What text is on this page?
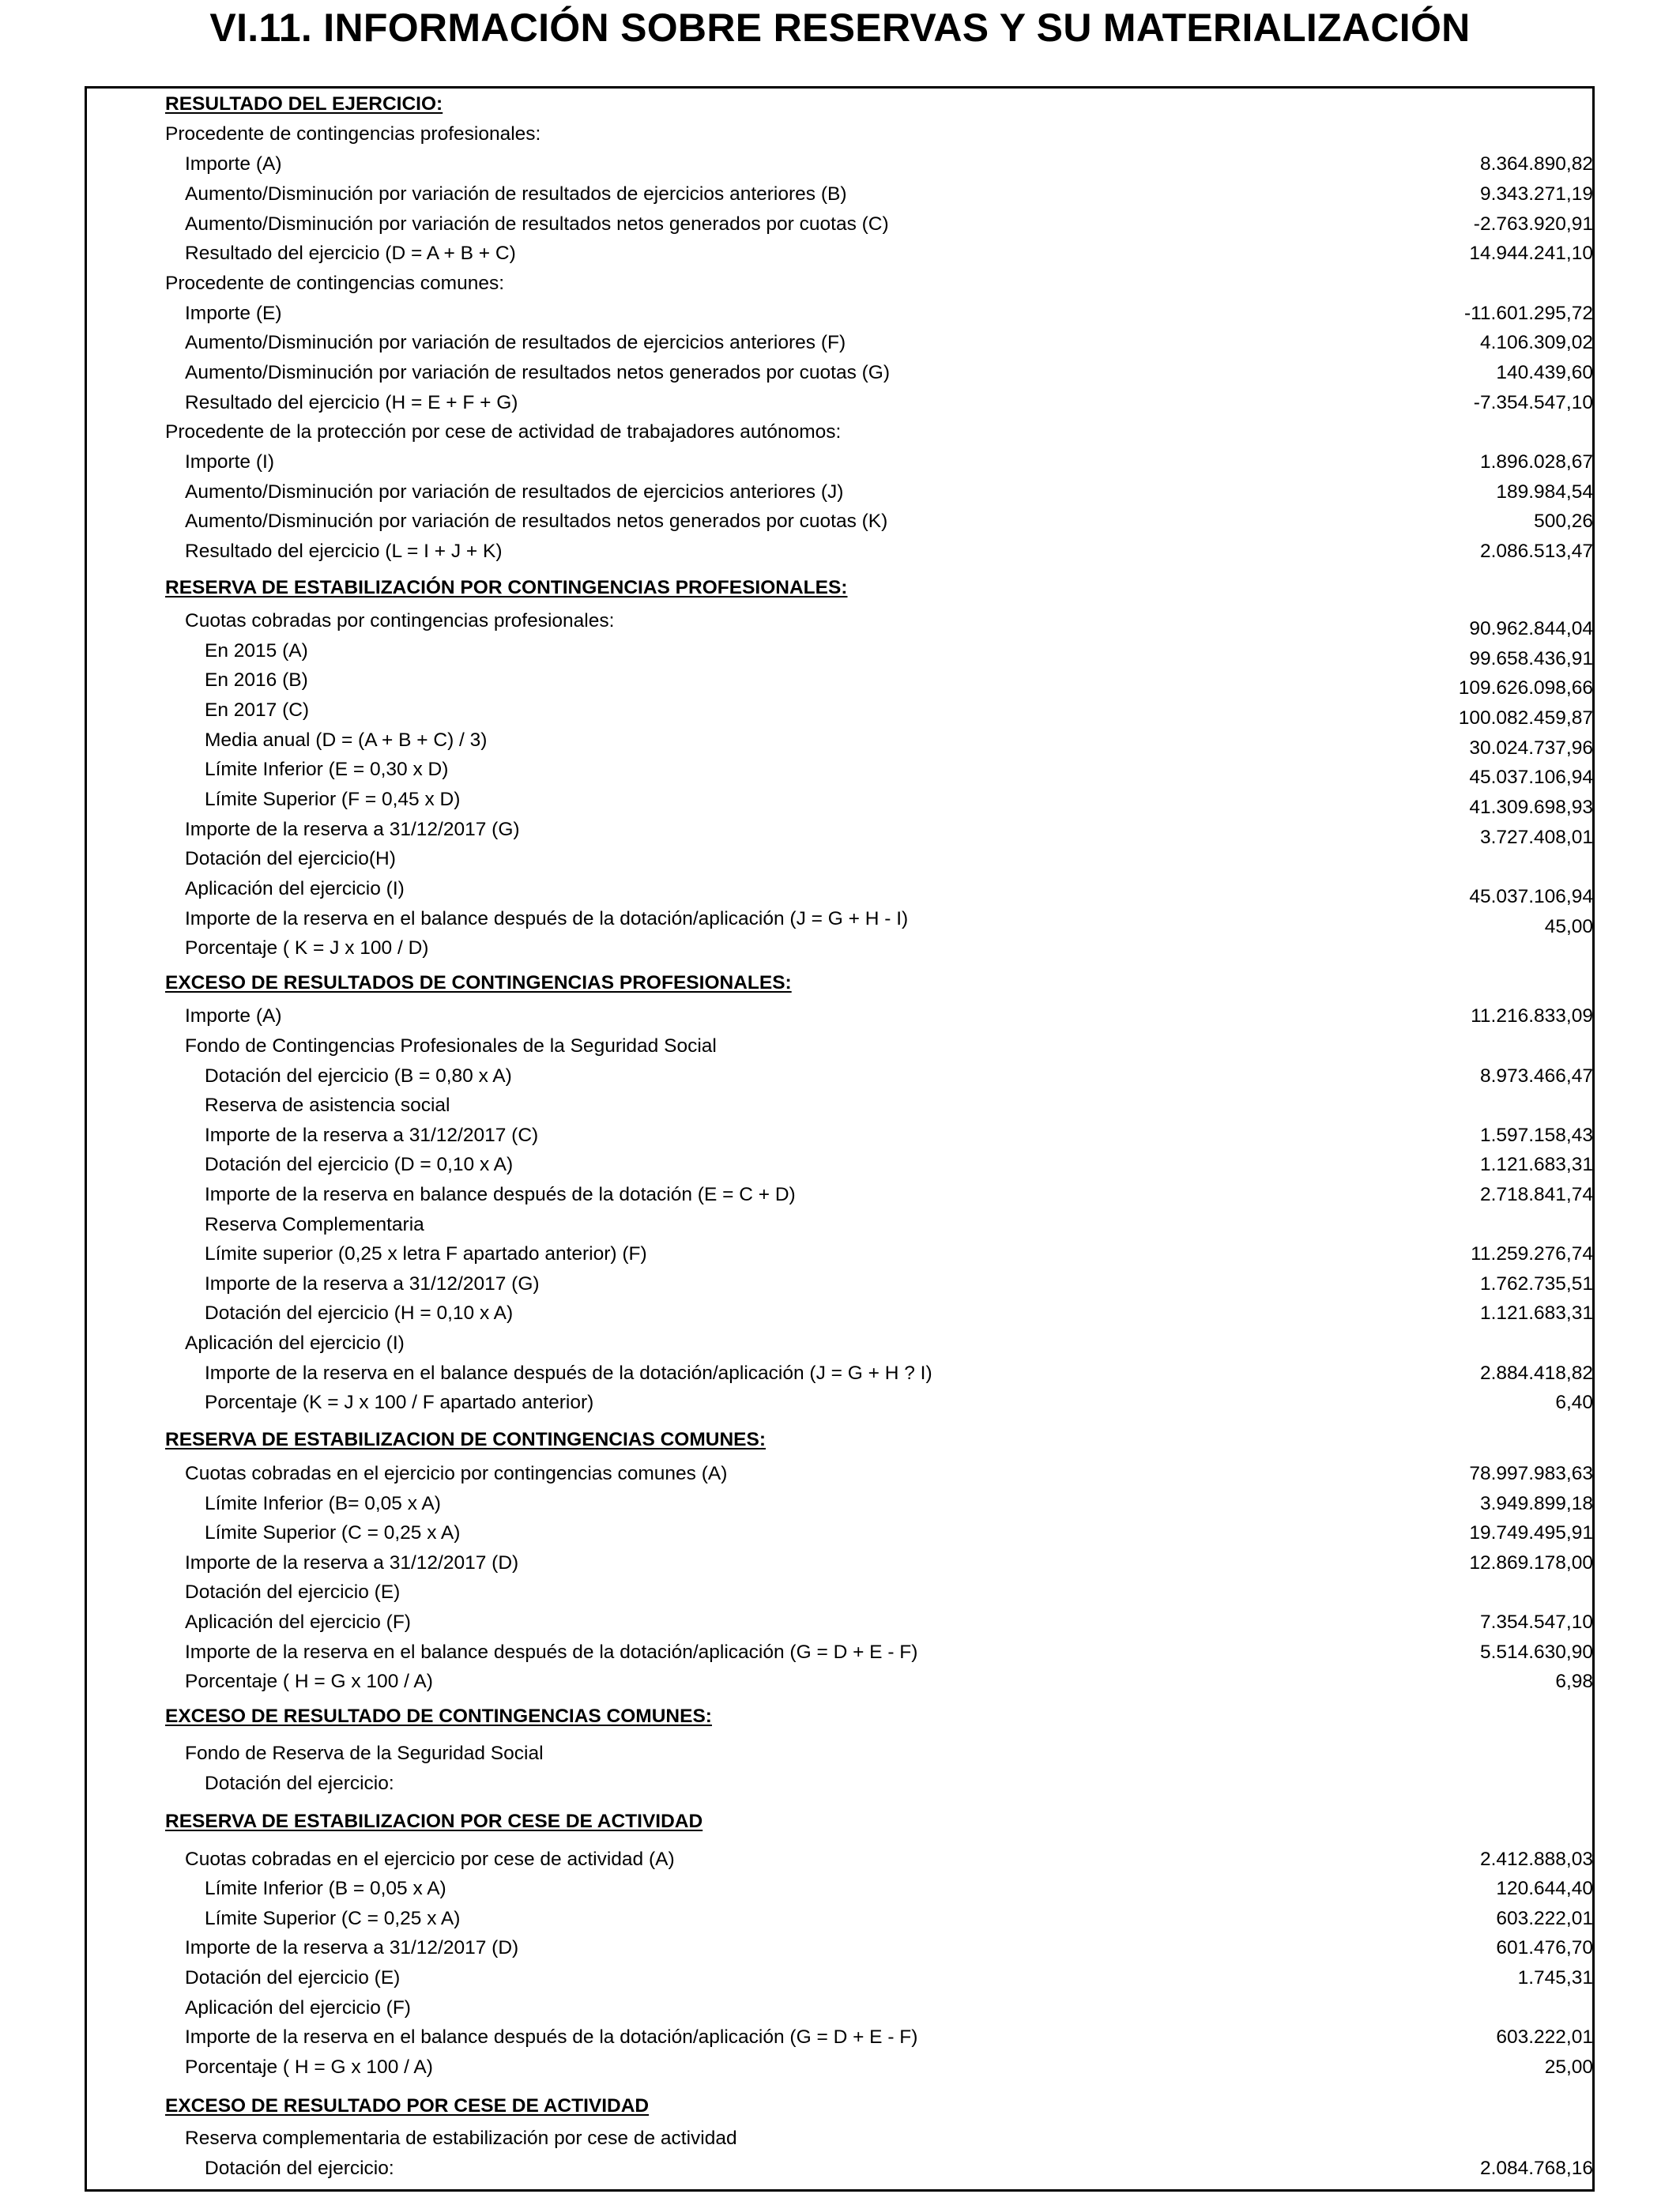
VI.11. INFORMACIÓN SOBRE RESERVAS Y SU MATERIALIZACIÓN
RESULTADO DEL EJERCICIO:
Procedente de contingencias profesionales:
Importe (A)	8.364.890,82
Aumento/Disminución por variación de resultados de ejercicios anteriores (B)	9.343.271,19
Aumento/Disminución por variación de resultados netos generados por cuotas (C)	-2.763.920,91
Resultado del ejercicio (D = A + B + C)	14.944.241,10
Procedente de contingencias comunes:
Importe (E)	-11.601.295,72
Aumento/Disminución por variación de resultados de ejercicios anteriores (F)	4.106.309,02
Aumento/Disminución por variación de resultados netos generados por cuotas (G)	140.439,60
Resultado del ejercicio (H = E + F + G)	-7.354.547,10
Procedente de la protección por cese de actividad de trabajadores autónomos:
Importe (I)	1.896.028,67
Aumento/Disminución por variación de resultados de ejercicios anteriores (J)	189.984,54
Aumento/Disminución por variación de resultados netos generados por cuotas (K)	500,26
Resultado del ejercicio (L = I + J + K)	2.086.513,47
RESERVA DE ESTABILIZACIÓN POR CONTINGENCIAS PROFESIONALES:
Cuotas cobradas por contingencias profesionales:	90.962.844,04
En 2015 (A)	99.658.436,91
En 2016 (B)	109.626.098,66
En 2017 (C)	100.082.459,87
Media anual (D = (A + B + C) / 3)	30.024.737,96
Límite Inferior (E = 0,30 x D)	45.037.106,94
Límite Superior (F = 0,45 x D)	41.309.698,93
Importe de la reserva a 31/12/2017 (G)	3.727.408,01
Dotación del ejercicio(H)
Aplicación del ejercicio (I)	45.037.106,94
Importe de la reserva en el balance después de la dotación/aplicación (J = G + H - I)	45,00
Porcentaje ( K = J x 100 / D)
EXCESO DE RESULTADOS DE CONTINGENCIAS PROFESIONALES:
Importe (A)	11.216.833,09
Fondo de Contingencias Profesionales de la Seguridad Social
Dotación del ejercicio (B = 0,80 x A)	8.973.466,47
Reserva de asistencia social
Importe de la reserva a 31/12/2017 (C)	1.597.158,43
Dotación del ejercicio (D = 0,10 x A)	1.121.683,31
Importe de la reserva en balance después de la dotación (E = C + D)	2.718.841,74
Reserva Complementaria
Límite superior (0,25 x letra F apartado anterior) (F)	11.259.276,74
Importe de la reserva a 31/12/2017 (G)	1.762.735,51
Dotación del ejercicio (H = 0,10 x A)	1.121.683,31
Aplicación del ejercicio (I)
Importe de la reserva en el balance después de la dotación/aplicación (J = G + H ? I)	2.884.418,82
Porcentaje (K = J x 100 / F apartado anterior)	6,40
RESERVA DE ESTABILIZACION DE CONTINGENCIAS COMUNES:
Cuotas cobradas en el ejercicio por contingencias comunes (A)	78.997.983,63
Límite Inferior (B= 0,05 x A)	3.949.899,18
Límite Superior (C = 0,25 x A)	19.749.495,91
Importe de la reserva a 31/12/2017 (D)	12.869.178,00
Dotación del ejercicio (E)
Aplicación del ejercicio (F)	7.354.547,10
Importe de la reserva en el balance después de la dotación/aplicación (G = D + E - F)	5.514.630,90
Porcentaje ( H = G x 100 / A)	6,98
EXCESO DE RESULTADO DE CONTINGENCIAS COMUNES:
Fondo de Reserva de la Seguridad Social
Dotación del ejercicio:
RESERVA DE ESTABILIZACION POR CESE DE ACTIVIDAD
Cuotas cobradas en el ejercicio por cese de actividad (A)	2.412.888,03
Límite Inferior (B = 0,05 x A)	120.644,40
Límite Superior (C = 0,25 x A)	603.222,01
Importe de la reserva a 31/12/2017 (D)	601.476,70
Dotación del ejercicio (E)	1.745,31
Aplicación del ejercicio (F)
Importe de la reserva en el balance después de la dotación/aplicación (G = D + E - F)	603.222,01
Porcentaje ( H = G x 100 / A)	25,00
EXCESO DE RESULTADO POR CESE DE ACTIVIDAD
Reserva complementaria de estabilización por cese de actividad
Dotación del ejercicio:	2.084.768,16
